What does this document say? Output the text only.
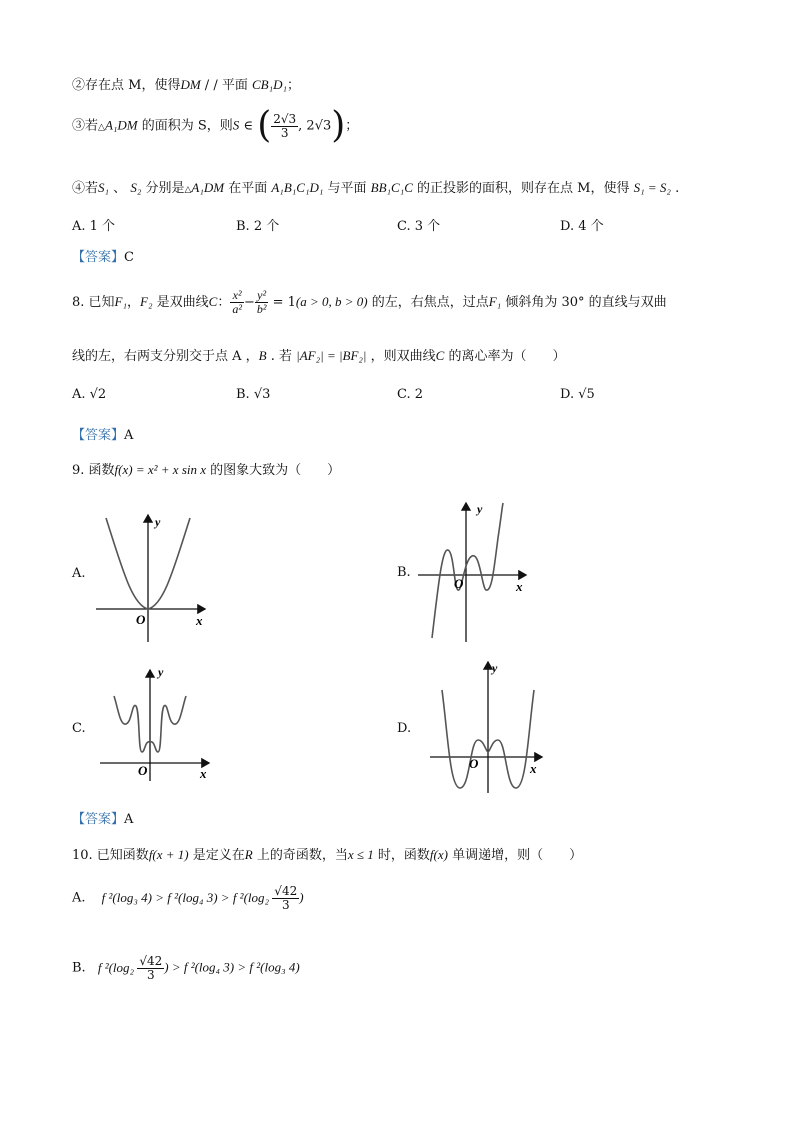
②存在点 M，使得DM / / 平面 CB₁D₁；
③若△A₁DM 的面积为 S，则S ∈ ( $\frac{2√3}{3}$ , 2√3)；
④若S₁ 、 S₂ 分别是△A₁DM 在平面 A₁B₁C₁D₁ 与平面 BB₁C₁C 的正投影的面积，则存在点 M，使得 S₁ = S₂ .
A. 1 个	B. 2 个	C. 3 个	D. 4 个
【答案】C
8. 已知F₁，F₂ 是双曲线C： $\frac{\text{x²}}{\text{a²}} - \frac{\text{y²}}{\text{b²}} = 1(a > 0$, b > 0) 的左，右焦点，过点F₁ 倾斜角为 30° 的直线与双曲
线的左，右两支分别交于点 A ，B . 若 |AF₂| = |BF₂| ，则双曲线C 的离心率为（　　）
A. √2	B. √3	C. 2	D. √5
【答案】A
9. 函数f(x) = x² + x sin x 的图象大致为（　　）
A.	B.
C.	D.
y
x
O
y
x
O
y
x
O
y
x
O
【答案】A
10. 已知函数f(x + 1) 是定义在R 上的奇函数，当x ≤ 1 时，函数f(x) 单调递增，则（　　）
A. f ²(log₃ 4) > f ²(log₄ 3) > f $^2(\log_2 \frac{√42}{3}$ )
B. f $^2(\log_2 \frac{√42}{3}$ ) > f ²(log₄ 3) > f ²(log₃ 4)
